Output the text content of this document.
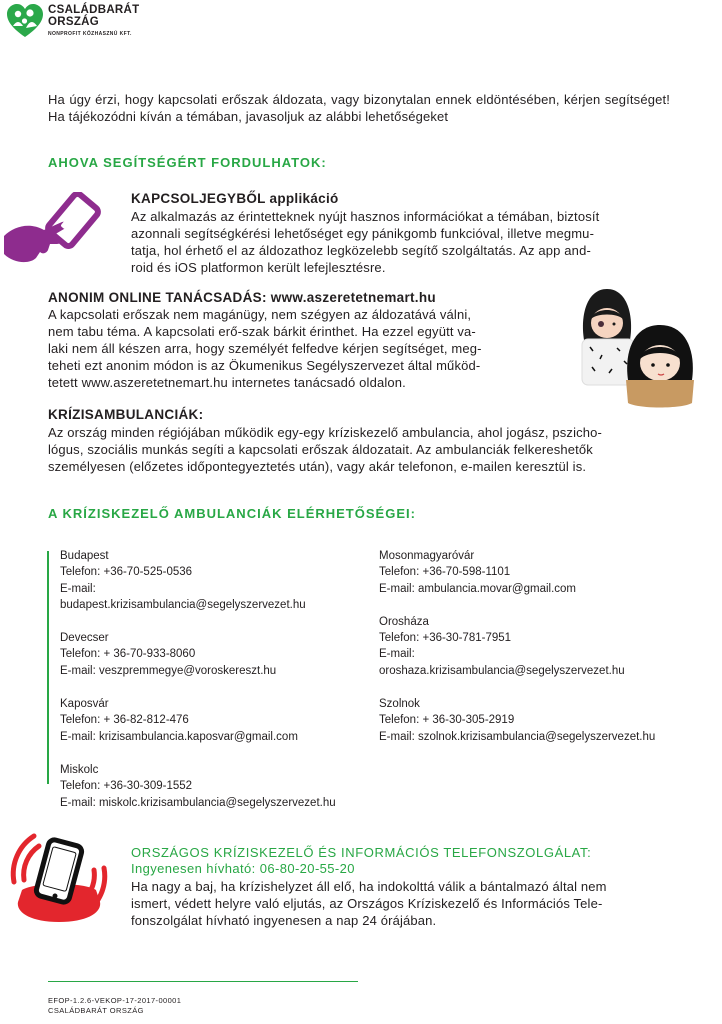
CSALÁDBARÁT
ORSZÁG
NONPROFIT KÖZHASZNÚ KFT.
Ha úgy érzi, hogy kapcsolati erőszak áldozata, vagy bizonytalan ennek eldöntésében, kérjen segítséget! Ha tájékozódni kíván a témában, javasoljuk az alábbi lehetőségeket
AHOVA SEGÍTSÉGÉRT FORDULHATOK:
KAPCSOLJEGYBŐL applikáció
Az alkalmazás az érintetteknek nyújt hasznos információkat a témában, biztosít
azonnali segítségkérési lehetőséget egy pánikgomb funkcióval, illetve megmu-
tatja, hol érhető el az áldozathoz legközelebb segítő szolgáltatás. Az app and-
roid és iOS platformon került lefejlesztésre.
ANONIM ONLINE TANÁCSADÁS: www.aszeretetnemart.hu
A kapcsolati erőszak nem magánügy, nem szégyen az áldozatává válni,
nem tabu téma. A kapcsolati erő-szak bárkit érinthet. Ha ezzel együtt va-
laki nem áll készen arra, hogy személyét felfedve kérjen segítséget, meg-
teheti ezt anonim módon is az Ökumenikus Segélyszervezet által működ-
tetett www.aszeretetnemart.hu internetes tanácsadó oldalon.
KRÍZISAMBULANCIÁK:
Az ország minden régiójában működik egy-egy kríziskezelő ambulancia, ahol jogász, pszicho-
lógus, szociális munkás segíti a kapcsolati erőszak áldozatait. Az ambulanciák felkereshetők
személyesen (előzetes időpontegyeztetés után), vagy akár telefonon, e-mailen keresztül is.
A KRÍZISKEZELŐ AMBULANCIÁK ELÉRHETŐSÉGEI:
Budapest
Telefon: +36-70-525-0536
E-mail:
budapest.krizisambulancia@segelyszervezet.hu
Devecser
Telefon: + 36-70-933-8060
E-mail: veszpremmegye@voroskereszt.hu
Kaposvár
Telefon: + 36-82-812-476
E-mail: krizisambulancia.kaposvar@gmail.com
Miskolc
Telefon: +36-30-309-1552
E-mail: miskolc.krizisambulancia@segelyszervezet.hu
Mosonmagyaróvár
Telefon: +36-70-598-1101
E-mail: ambulancia.movar@gmail.com
Orosháza
Telefon: +36-30-781-7951
E-mail:
oroshaza.krizisambulancia@segelyszervezet.hu
Szolnok
Telefon: + 36-30-305-2919
E-mail: szolnok.krizisambulancia@segelyszervezet.hu
ORSZÁGOS KRÍZISKEZELŐ ÉS INFORMÁCIÓS TELEFONSZOLGÁLAT:
Ingyenesen hívható: 06-80-20-55-20
Ha nagy a baj, ha krízishelyzet áll elő, ha indokolttá válik a bántalmazó által nem
ismert, védett helyre való eljutás, az Országos Kríziskezelő és Információs Tele-
fonszolgálat hívható ingyenesen a nap 24 órájában.
EFOP-1.2.6-VEKOP-17-2017-00001
CSALÁDBARÁT ORSZÁG
